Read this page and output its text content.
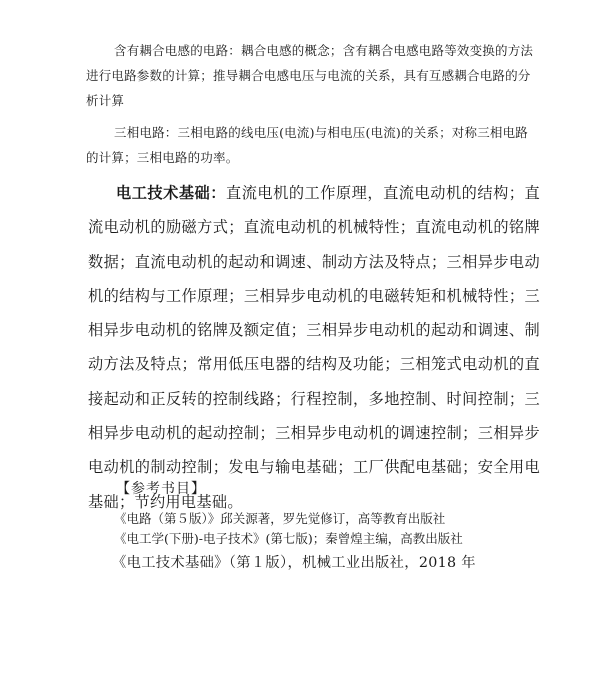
含有耦合电感的电路：耦合电感的概念；含有耦合电感电路等效变换的方法
进行电路参数的计算；推导耦合电感电压与电流的关系，具有互感耦合电路的分
析计算
三相电路：三相电路的线电压(电流)与相电压(电流)的关系；对称三相电路
的计算；三相电路的功率。
电工技术基础：直流电机的工作原理，直流电动机的结构；直流电动机的励磁方式；直流电动机的机械特性；直流电动机的铭牌数据；直流电动机的起动和调速、制动方法及特点；三相异步电动机的结构与工作原理；三相异步电动机的电磁转矩和机械特性；三相异步电动机的铭牌及额定值；三相异步电动机的起动和调速、制动方法及特点；常用低压电器的结构及功能；三相笼式电动机的直接起动和正反转的控制线路；行程控制，多地控制、时间控制；三相异步电动机的起动控制；三相异步电动机的调速控制；三相异步电动机的制动控制；发电与输电基础；工厂供配电基础；安全用电基础；节约用电基础。
【参考书目】
《电路（第５版）》邱关源著，罗先觉修订，高等教育出版社
《电工学(下册)-电子技术》(第七版)；秦曾煌主编，高教出版社
《电工技术基础》（第１版），机械工业出版社，2018 年
